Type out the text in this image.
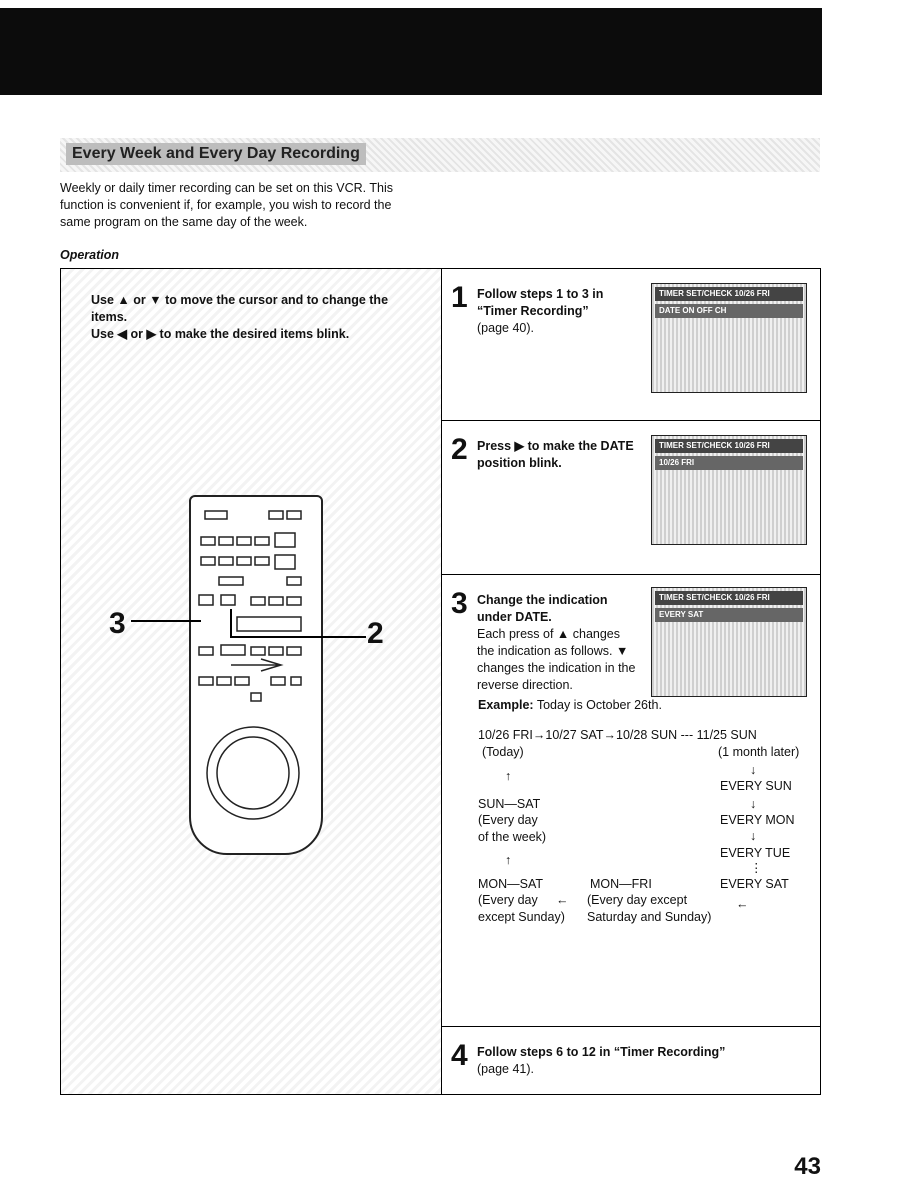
Every Week and Every Day Recording
Weekly or daily timer recording can be set on this VCR. This function is convenient if, for example, you wish to record the same program on the same day of the week.
Operation
Use ▲ or ▼ to move the cursor and to change the items.
Use ◀ or ▶ to make the desired items blink.
3	2
1 Follow steps 1 to 3 in “Timer Recording”
(page 40).
TIMER SET/CHECK 10/26 FRI
DATE ON OFF CH
2 Press ▶ to make the DATE position blink.
TIMER SET/CHECK 10/26 FRI
10/26 FRI
3 Change the indication under DATE.
Each press of ▲ changes the indication as follows. ▼ changes the indication in the reverse direction.
TIMER SET/CHECK 10/26 FRI
EVERY SAT
4 Follow steps 6 to 12 in “Timer Recording”
(page 41).
Example: Today is October 26th.
10/26 FRI→10/27 SAT→10/28 SUN --- 11/25 SUN
(Today)	(1 month later)
↑	↓
EVERY SUN
SUN—SAT	↓
(Every day
of the week)
EVERY MON
↓
↑	EVERY TUE
⋮
MON—SAT	MON—FRI	EVERY SAT
(Every day
except Sunday)
← (Every day except
Saturday and Sunday)
←
43
